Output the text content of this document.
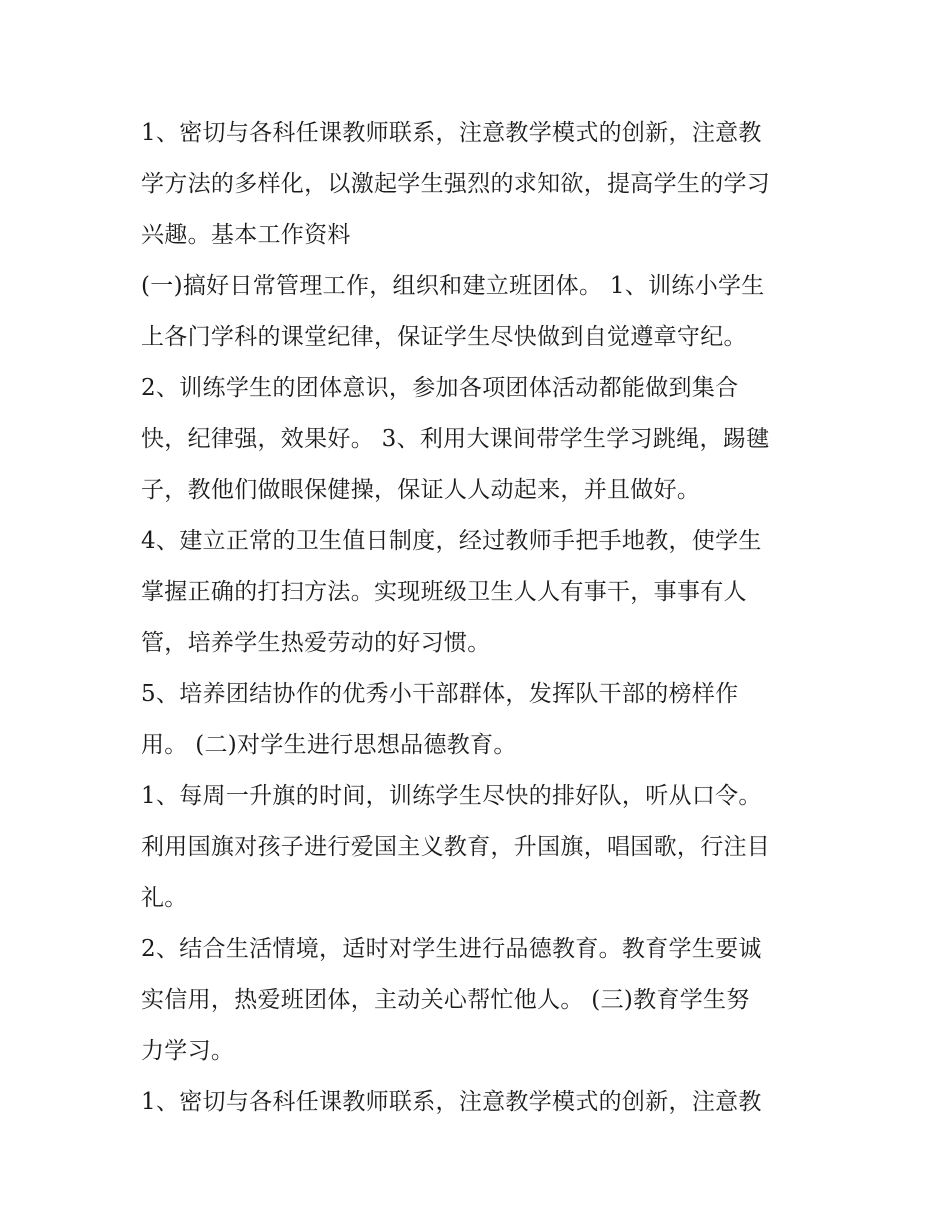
1、密切与各科任课教师联系，注意教学模式的创新，注意教
学方法的多样化，以激起学生强烈的求知欲，提高学生的学习
兴趣。基本工作资料
(一)搞好日常管理工作，组织和建立班团体。 1、训练小学生
上各门学科的课堂纪律，保证学生尽快做到自觉遵章守纪。
2、训练学生的团体意识，参加各项团体活动都能做到集合
快，纪律强，效果好。 3、利用大课间带学生学习跳绳，踢毽
子，教他们做眼保健操，保证人人动起来，并且做好。
4、建立正常的卫生值日制度，经过教师手把手地教，使学生
掌握正确的打扫方法。实现班级卫生人人有事干，事事有人
管，培养学生热爱劳动的好习惯。
5、培养团结协作的优秀小干部群体，发挥队干部的榜样作
用。 (二)对学生进行思想品德教育。
1、每周一升旗的时间，训练学生尽快的排好队，听从口令。
利用国旗对孩子进行爱国主义教育，升国旗，唱国歌，行注目
礼。
2、结合生活情境，适时对学生进行品德教育。教育学生要诚
实信用，热爱班团体，主动关心帮忙他人。 (三)教育学生努
力学习。
1、密切与各科任课教师联系，注意教学模式的创新，注意教
